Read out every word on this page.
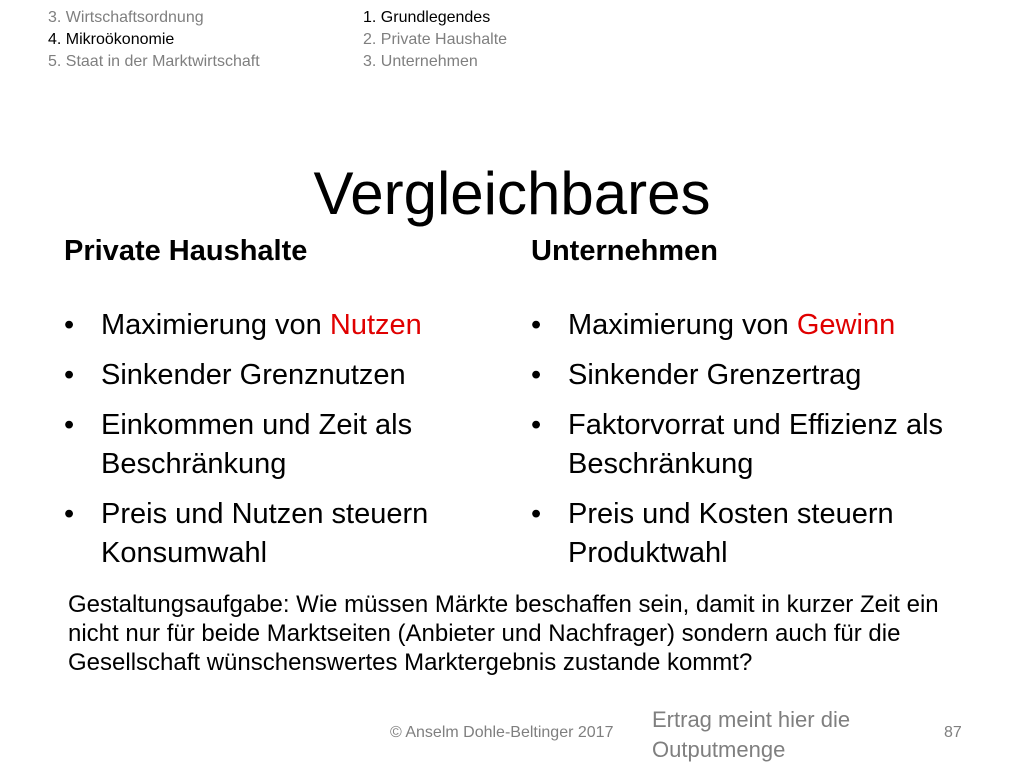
3. Wirtschaftsordnung
4. Mikroökonomie
5. Staat in der Marktwirtschaft
1. Grundlegendes
2. Private Haushalte
3. Unternehmen
Vergleichbares
Private Haushalte
• Maximierung von Nutzen
• Sinkender Grenznutzen
• Einkommen und Zeit als Beschränkung
• Preis und Nutzen steuern Konsumwahl
Unternehmen
• Maximierung von Gewinn
• Sinkender Grenzertrag
• Faktorvorrat und Effizienz als Beschränkung
• Preis und Kosten steuern Produktwahl
Gestaltungsaufgabe: Wie müssen Märkte beschaffen sein, damit in kurzer Zeit ein nicht nur für beide Marktseiten (Anbieter und Nachfrager) sondern auch für die Gesellschaft wünschenswertes Marktergebnis zustande kommt?
© Anselm Dohle-Beltinger 2017
Ertrag meint hier die Outputmenge
87
